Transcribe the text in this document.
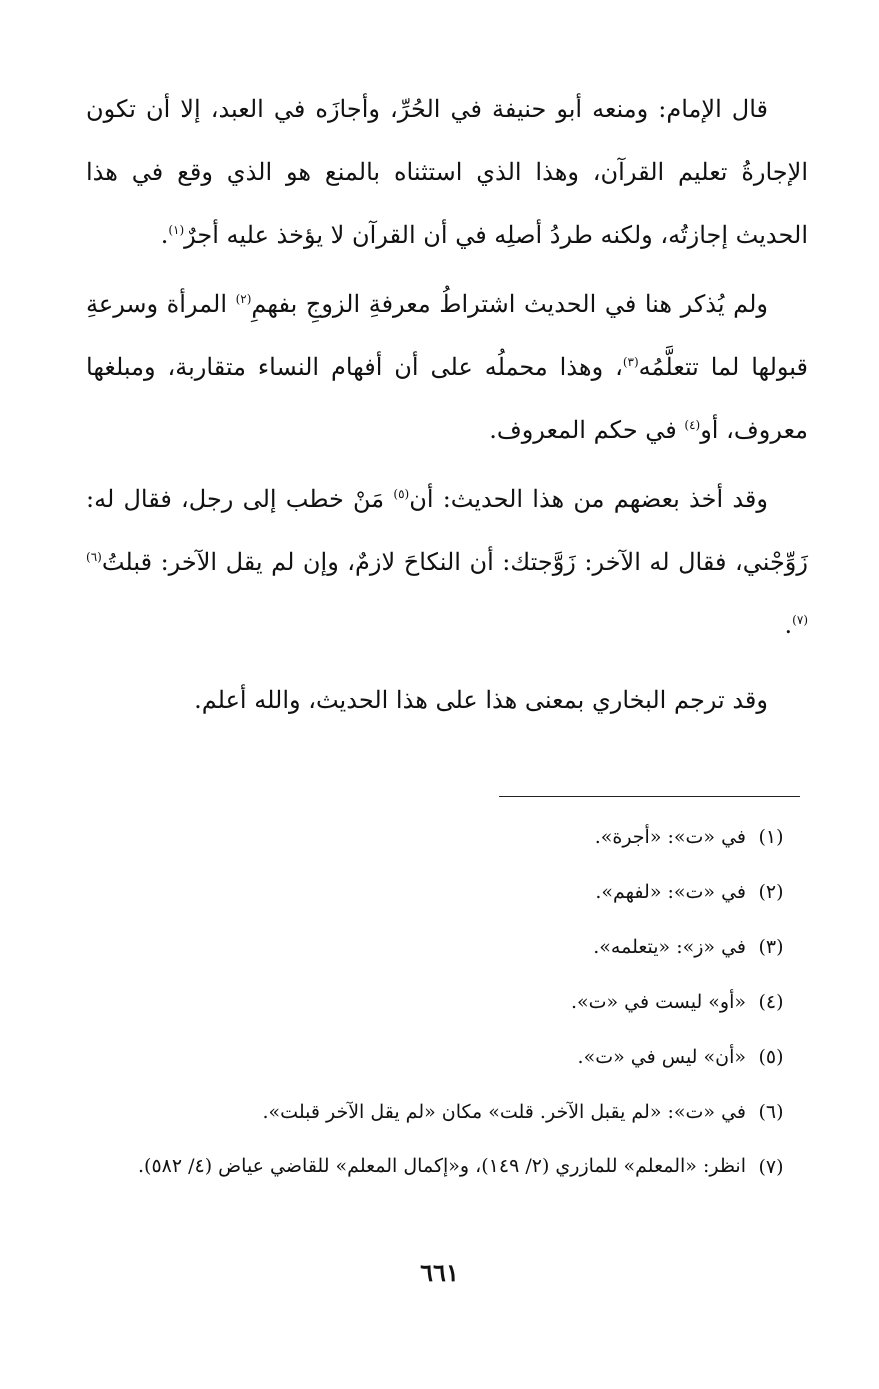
قال الإمام: ومنعه أبو حنيفة في الحُرِّ، وأجازَه في العبد، إلا أن تكون الإجارةُ تعليم القرآن، وهذا الذي استثناه بالمنع هو الذي وقع في هذا الحديث إجازتُه، ولكنه طردُ أصلِه في أن القرآن لا يؤخذ عليه أجرٌ$^{(١)}$.

ولم يُذكر هنا في الحديث اشتراطُ معرفةِ الزوجِ بفهمِ$^{(٢)}$ المرأة وسرعةِ قبولها لما تتعلَّمُه$^{(٣)}$، وهذا محملُه على أن أفهام النساء متقاربة، ومبلغها معروف، أو$^{(٤)}$ في حكم المعروف.

وقد أخذ بعضهم من هذا الحديث: أن$^{(٥)}$ مَنْ خطب إلى رجل، فقال له: زَوِّجْني، فقال له الآخر: زَوَّجتك: أن النكاحَ لازمٌ، وإن لم يقل الآخر: قبلتُ$^{(٦)(٧)}$.

وقد ترجم البخاري بمعنى هذا على هذا الحديث، والله أعلم.

(١)
في «ت»: «أجرة».
(٢)
في «ت»: «لفهم».
(٣)
في «ز»: «يتعلمه».
(٤)
«أو» ليست في «ت».
(٥)
«أن» ليس في «ت».
(٦)
في «ت»: «لم يقبل الآخر. قلت» مكان «لم يقل الآخر قبلت».
(٧)
انظر: «المعلم» للمازري (٢/ ١٤٩)، و«إكمال المعلم» للقاضي عياض (٤/ ٥٨٢).
٦٦١
